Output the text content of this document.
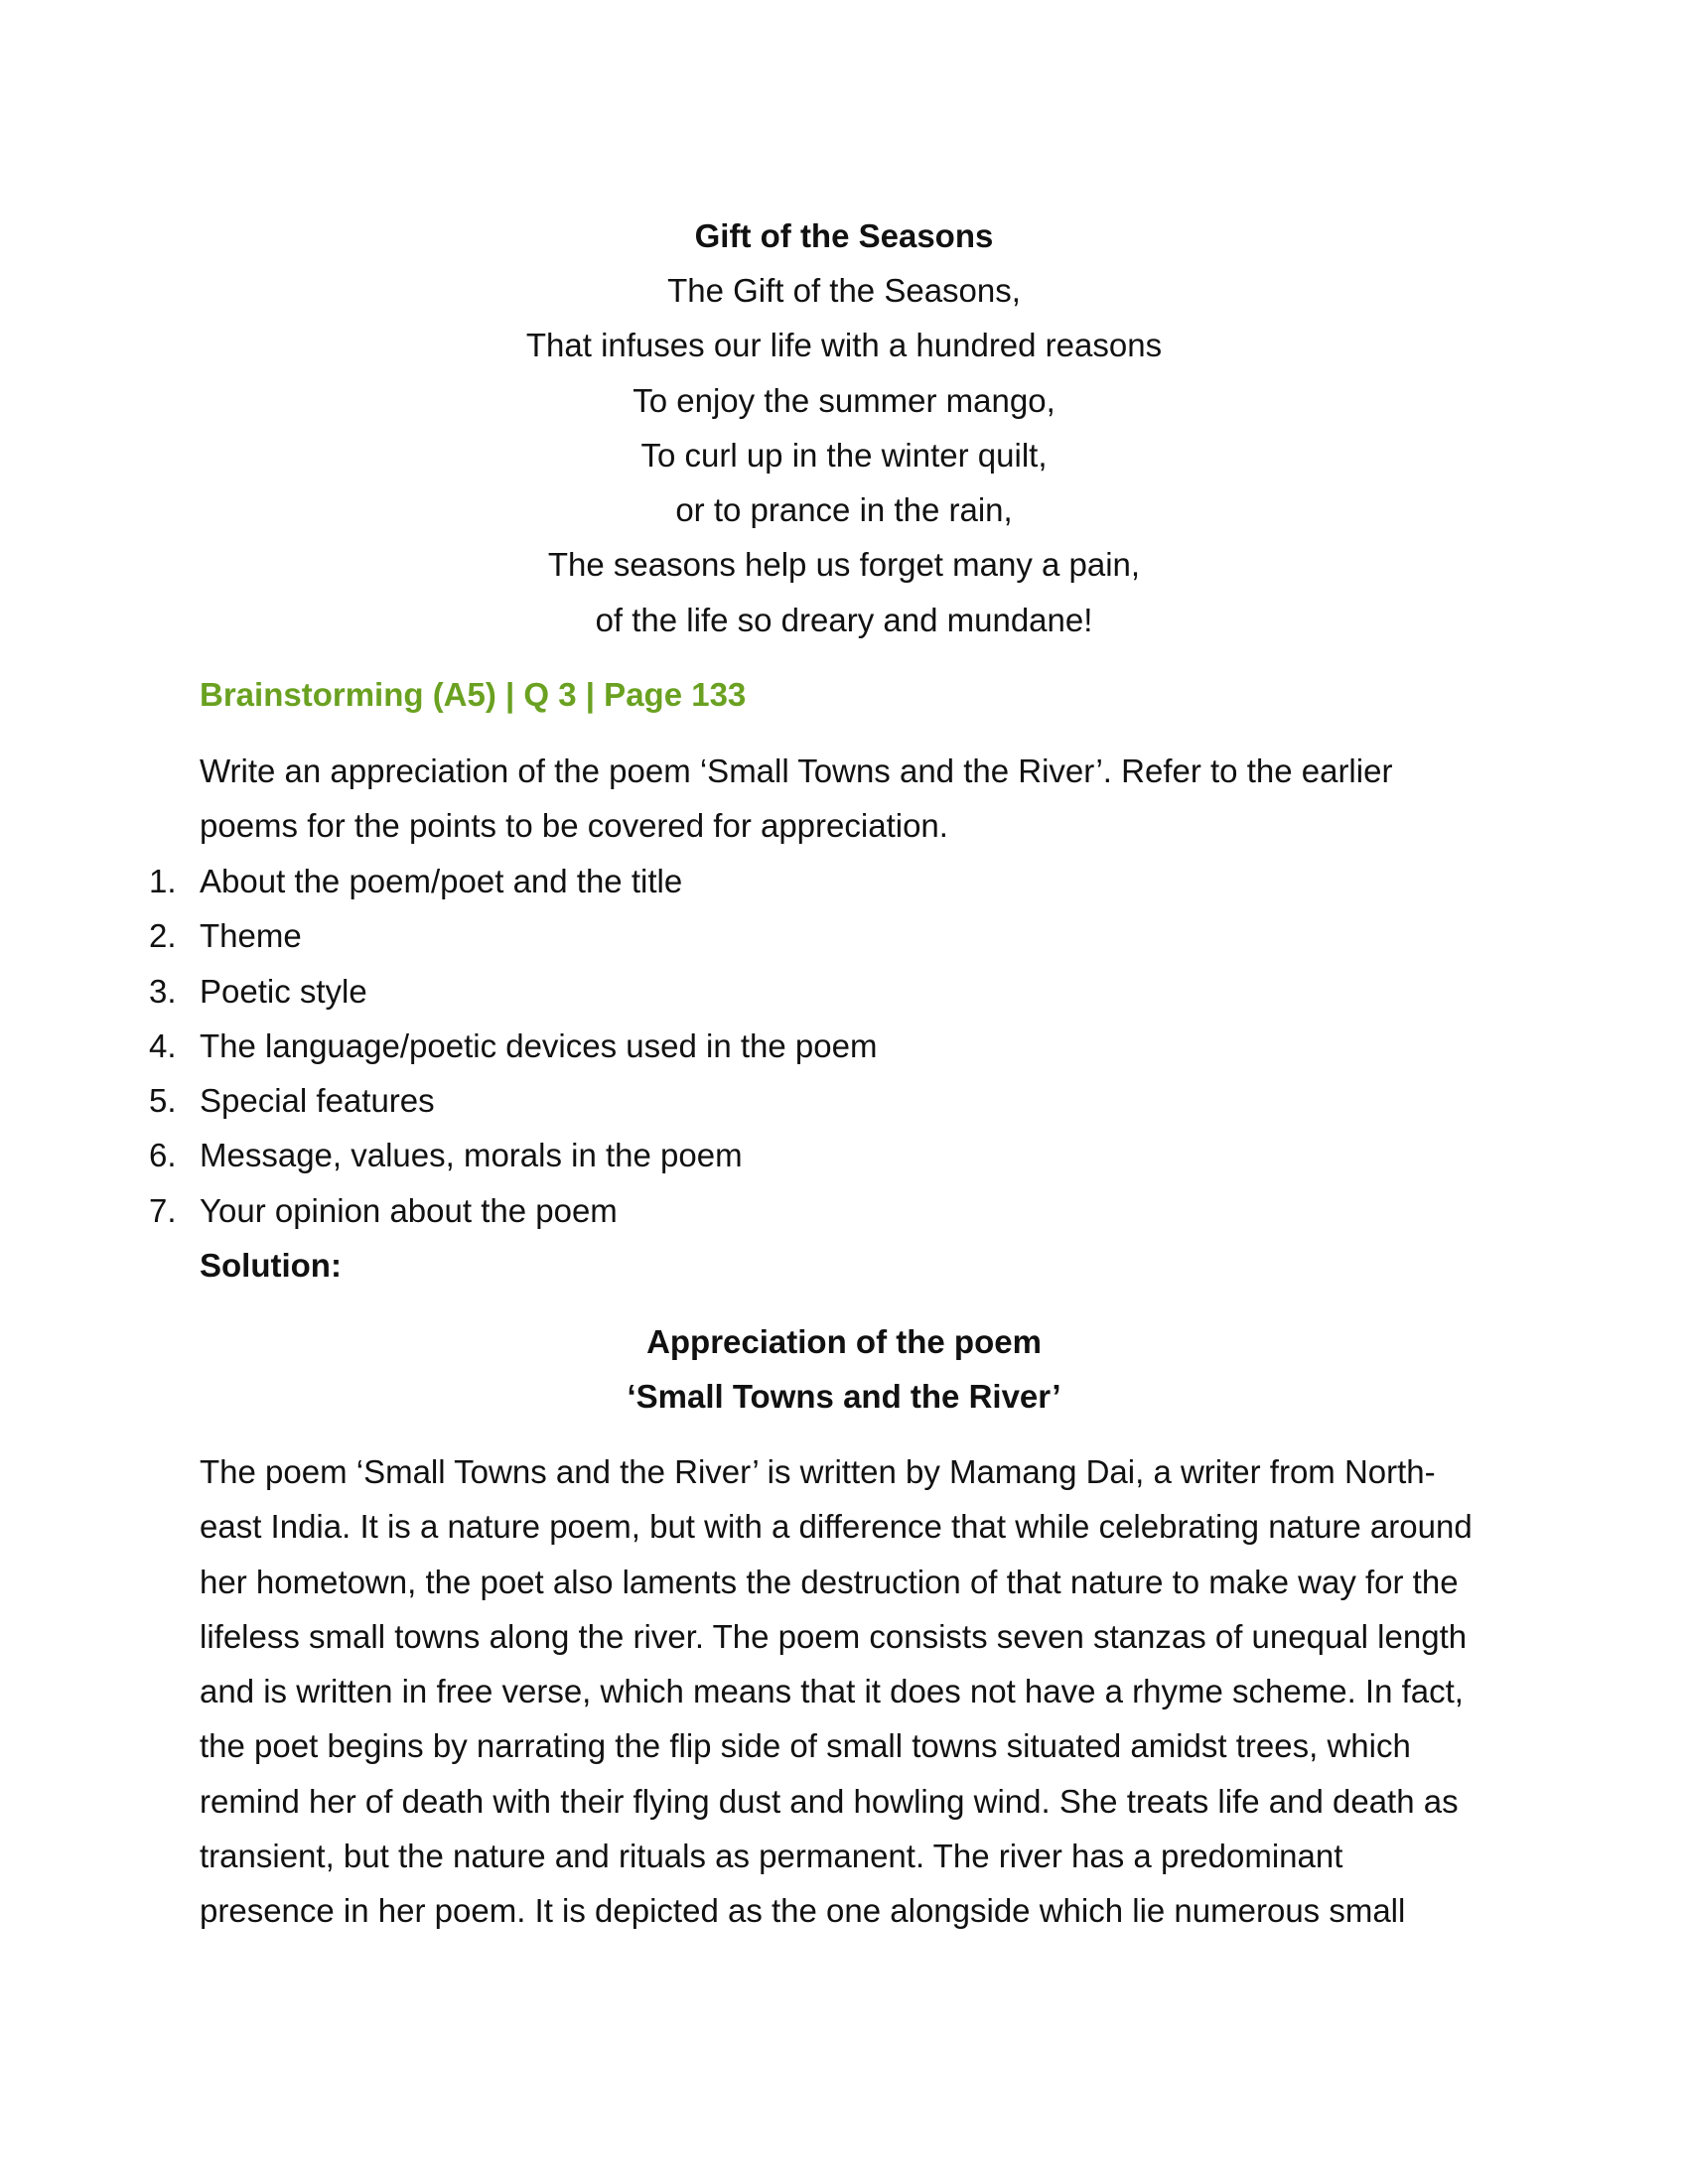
Gift of the Seasons

The Gift of the Seasons,

That infuses our life with a hundred reasons

To enjoy the summer mango,

To curl up in the winter quilt,

or to prance in the rain,

The seasons help us forget many a pain,

of the life so dreary and mundane!

Brainstorming (A5) | Q 3 | Page 133

Write an appreciation of the poem ‘Small Towns and the River’. Refer to the earlier
poems for the points to be covered for appreciation.
1. About the poem/poet and the title
2. Theme
3. Poetic style
4. The language/poetic devices used in the poem
5. Special features
6. Message, values, morals in the poem
7. Your opinion about the poem

Solution:

Appreciation of the poem
‘Small Towns and the River’

The poem ‘Small Towns and the River’ is written by Mamang Dai, a writer from North-

east India. It is a nature poem, but with a difference that while celebrating nature around

her hometown, the poet also laments the destruction of that nature to make way for the

lifeless small towns along the river. The poem consists seven stanzas of unequal length

and is written in free verse, which means that it does not have a rhyme scheme. In fact,

the poet begins by narrating the flip side of small towns situated amidst trees, which

remind her of death with their flying dust and howling wind. She treats life and death as

transient, but the nature and rituals as permanent. The river has a predominant

presence in her poem. It is depicted as the one alongside which lie numerous small
